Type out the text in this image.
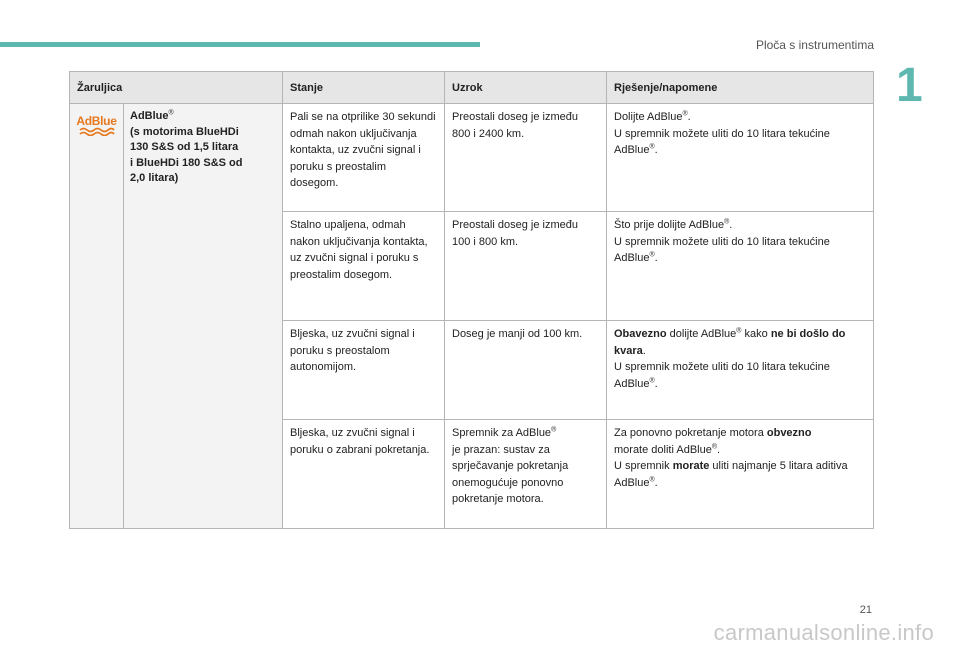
Ploča s instrumentima
1
Žaruljica		Stanje	Uzrok	Rješenje/napomene

AdBlue	AdBlue®
(s motorima BlueHDi
130 S&S od 1,5 litara
i BlueHDi 180 S&S od
2,0 litara)	Pali se na otprilike 30 sekundi odmah nakon uključivanja kontakta, uz zvučni signal i poruku s preostalim dosegom.	Preostali doseg je između 800 i 2400 km.	Dolijte AdBlue®.
U spremnik možete uliti do 10 litara tekućine AdBlue®.
		Stalno upaljena, odmah nakon uključivanja kontakta, uz zvučni signal i poruku s preostalim dosegom.	Preostali doseg je između 100 i 800 km.	Što prije dolijte AdBlue®.
U spremnik možete uliti do 10 litara tekućine AdBlue®.
		Bljeska, uz zvučni signal i poruku s preostalom autonomijom.	Doseg je manji od 100 km.	Obavezno dolijte AdBlue® kako ne bi došlo do kvara.
U spremnik možete uliti do 10 litara tekućine AdBlue®.
		Bljeska, uz zvučni signal i poruku o zabrani pokretanja.	Spremnik za AdBlue®
je prazan: sustav za sprječavanje pokretanja onemogućuje ponovno pokretanje motora.	Za ponovno pokretanje motora obvezno
morate doliti AdBlue®.
U spremnik morate uliti najmanje 5 litara aditiva AdBlue®.
21
carmanualsonline.info
